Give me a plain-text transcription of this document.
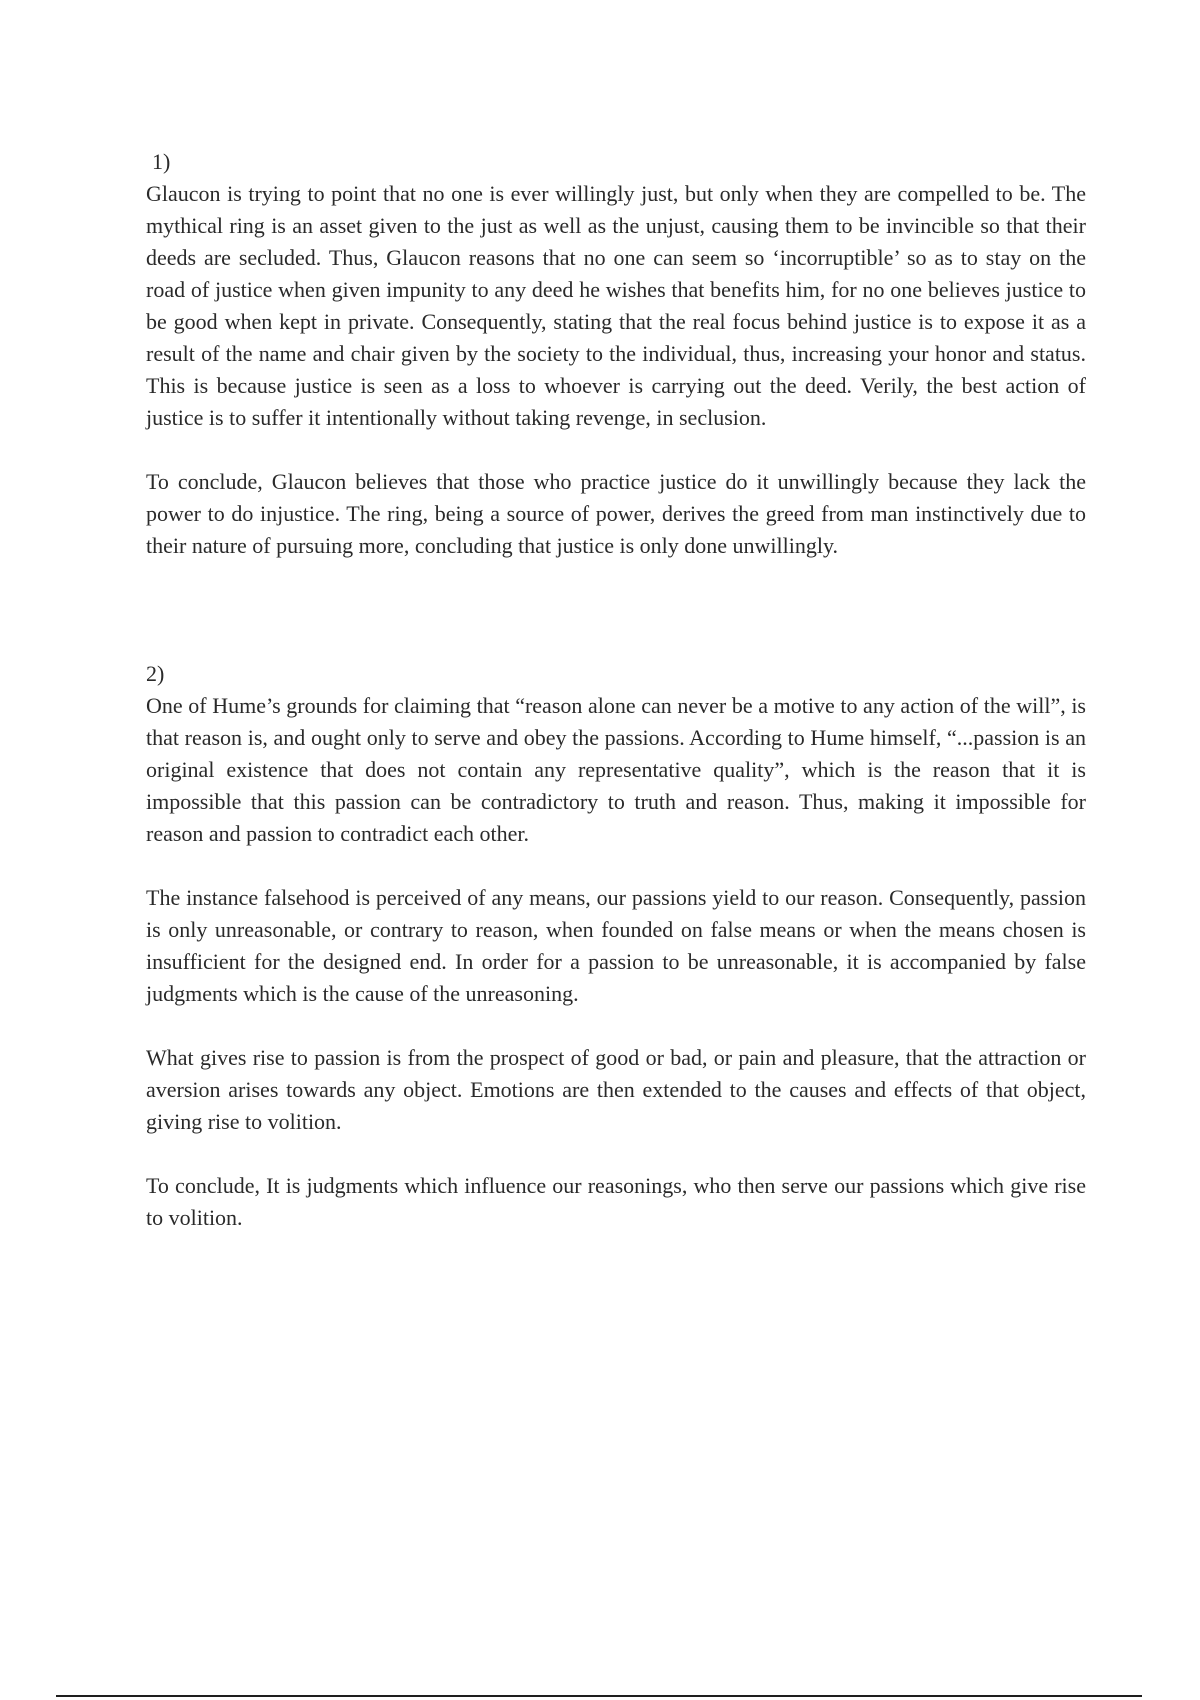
1)

Glaucon is trying to point that no one is ever willingly just, but only when they are compelled to be. The mythical ring is an asset given to the just as well as the unjust, causing them to be invincible so that their deeds are secluded. Thus, Glaucon reasons that no one can seem so ‘incorruptible’ so as to stay on the road of justice when given impunity to any deed he wishes that benefits him, for no one believes justice to be good when kept in private. Consequently, stating that the real focus behind justice is to expose it as a result of the name and chair given by the society to the individual, thus, increasing your honor and status. This is because justice is seen as a loss to whoever is carrying out the deed. Verily, the best action of justice is to suffer it intentionally without taking revenge, in seclusion.

To conclude, Glaucon believes that those who practice justice do it unwillingly because they lack the power to do injustice. The ring, being a source of power, derives the greed from man instinctively due to their nature of pursuing more, concluding that justice is only done unwillingly.

2)

One of Hume’s grounds for claiming that “reason alone can never be a motive to any action of the will”, is that reason is, and ought only to serve and obey the passions. According to Hume himself, “...passion is an original existence that does not contain any representative quality”, which is the reason that it is impossible that this passion can be contradictory to truth and reason. Thus, making it impossible for reason and passion to contradict each other.

The instance falsehood is perceived of any means, our passions yield to our reason. Consequently, passion is only unreasonable, or contrary to reason, when founded on false means or when the means chosen is insufficient for the designed end. In order for a passion to be unreasonable, it is accompanied by false judgments which is the cause of the unreasoning.

What gives rise to passion is from the prospect of good or bad, or pain and pleasure, that the attraction or aversion arises towards any object. Emotions are then extended to the causes and effects of that object, giving rise to volition.

To conclude, It is judgments which influence our reasonings, who then serve our passions which give rise to volition.
